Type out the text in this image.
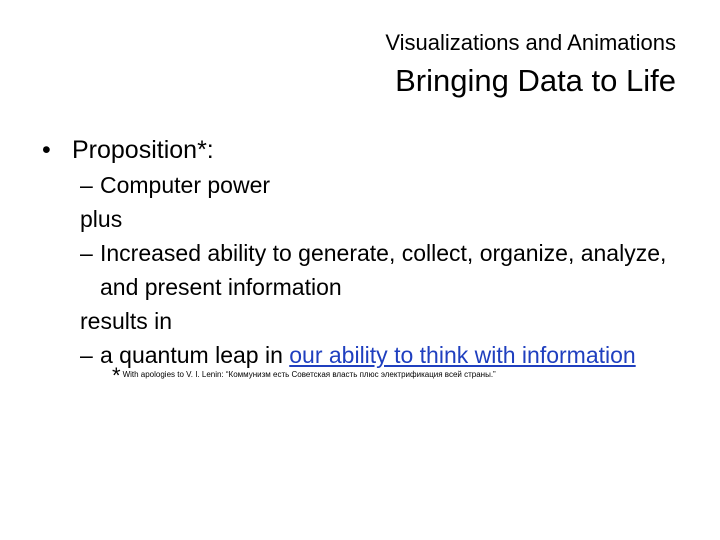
Visualizations and Animations
Bringing Data to Life
• Proposition*:
– Computer power
plus
– Increased ability to generate, collect, organize, analyze, and present information
results in
– a quantum leap in our ability to think with information
* With apologies to V. I. Lenin: “Коммунизм есть Советская власть плюс электрификация всей страны.”
